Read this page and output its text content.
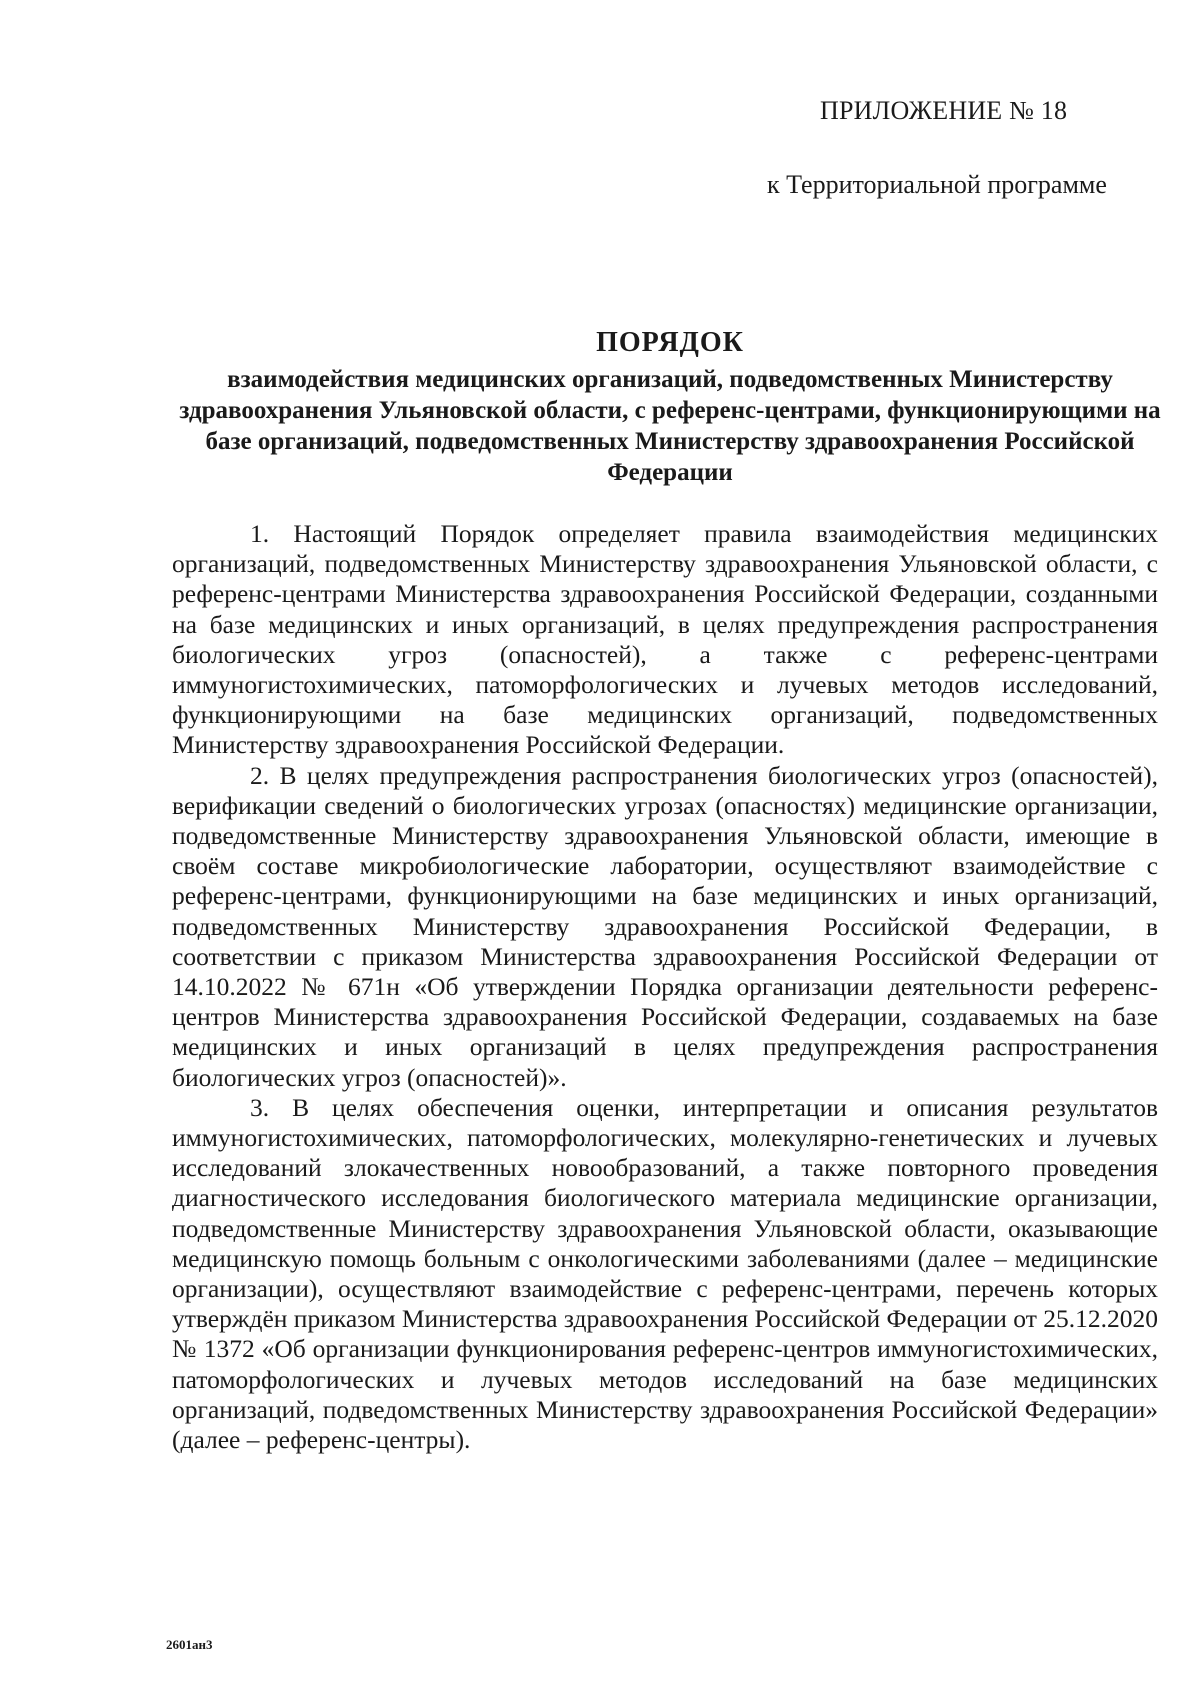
ПРИЛОЖЕНИЕ № 18
к Территориальной программе
ПОРЯДОК
взаимодействия медицинских организаций, подведомственных Министерству здравоохранения Ульяновской области, с референс-центрами, функционирующими на базе организаций, подведомственных Министерству здравоохранения Российской Федерации

1. Настоящий Порядок определяет правила взаимодействия медицинских организаций, подведомственных Министерству здравоохранения Ульяновской области, с референс-центрами Министерства здравоохранения Российской Федерации, созданными на базе медицинских и иных организаций, в целях предупреждения распространения биологических угроз (опасностей), а также с референс-центрами иммуногистохимических, патоморфологических и лучевых методов исследований, функционирующими на базе медицинских организаций, подведомственных Министерству здравоохранения Российской Федерации.

2. В целях предупреждения распространения биологических угроз (опасностей), верификации сведений о биологических угрозах (опасностях) медицинские организации, подведомственные Министерству здравоохранения Ульяновской области, имеющие в своём составе микробиологические лаборатории, осуществляют взаимодействие с референс-центрами, функционирующими на базе медицинских и иных организаций, подведомственных Министерству здравоохранения Российской Федерации, в соответствии с приказом Министерства здравоохранения Российской Федерации от 14.10.2022 № 671н «Об утверждении Порядка организации деятельности референс-центров Министерства здравоохранения Российской Федерации, создаваемых на базе медицинских и иных организаций в целях предупреждения распространения биологических угроз (опасностей)».

3. В целях обеспечения оценки, интерпретации и описания результатов иммуногистохимических, патоморфологических, молекулярно-генетических и лучевых исследований злокачественных новообразований, а также повторного проведения диагностического исследования биологического материала медицинские организации, подведомственные Министерству здравоохранения Ульяновской области, оказывающие медицинскую помощь больным с онкологическими заболеваниями (далее – медицинские организации), осуществляют взаимодействие с референс-центрами, перечень которых утверждён приказом Министерства здравоохранения Российской Федерации от 25.12.2020 № 1372 «Об организации функционирования референс-центров иммуногистохимических, патоморфологических и лучевых методов исследований на базе медицинских организаций, подведомственных Министерству здравоохранения Российской Федерации» (далее – референс-центры).

2601ан3
